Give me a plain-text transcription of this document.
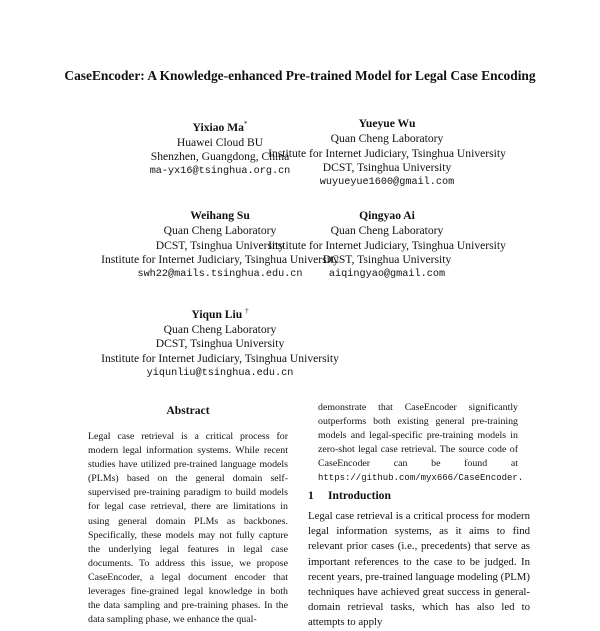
CaseEncoder: A Knowledge-enhanced Pre-trained Model for Legal Case Encoding
Yixiao Ma*
Huawei Cloud BU
Shenzhen, Guangdong, China
ma-yx16@tsinghua.org.cn
Yueyue Wu
Quan Cheng Laboratory
Institute for Internet Judiciary, Tsinghua University
DCST, Tsinghua University
wuyueyue1600@gmail.com
Weihang Su
Quan Cheng Laboratory
DCST, Tsinghua University
Institute for Internet Judiciary, Tsinghua University
swh22@mails.tsinghua.edu.cn
Qingyao Ai
Quan Cheng Laboratory
Institute for Internet Judiciary, Tsinghua University
DCST, Tsinghua University
aiqingyao@gmail.com
Yiqun Liu †
Quan Cheng Laboratory
DCST, Tsinghua University
Institute for Internet Judiciary, Tsinghua University
yiqunliu@tsinghua.edu.cn
Abstract

Legal case retrieval is a critical process for modern legal information systems. While recent studies have utilized pre-trained language models (PLMs) based on the general domain self-supervised pre-training paradigm to build models for legal case retrieval, there are limitations in using general domain PLMs as backbones. Specifically, these models may not fully capture the underlying legal features in legal case documents. To address this issue, we propose CaseEncoder, a legal document encoder that leverages fine-grained legal knowledge in both the data sampling and pre-training phases. In the data sampling phase, we enhance the qual-

demonstrate that CaseEncoder significantly outperforms both existing general pre-training models and legal-specific pre-training models in zero-shot legal case retrieval. The source code of CaseEncoder can be found at https://github.com/myx666/CaseEncoder.

1 Introduction

Legal case retrieval is a critical process for modern legal information systems, as it aims to find relevant prior cases (i.e., precedents) that serve as important references to the case to be judged. In recent years, pre-trained language modeling (PLM) techniques have achieved great success in general-domain retrieval tasks, which has also led to attempts to apply
